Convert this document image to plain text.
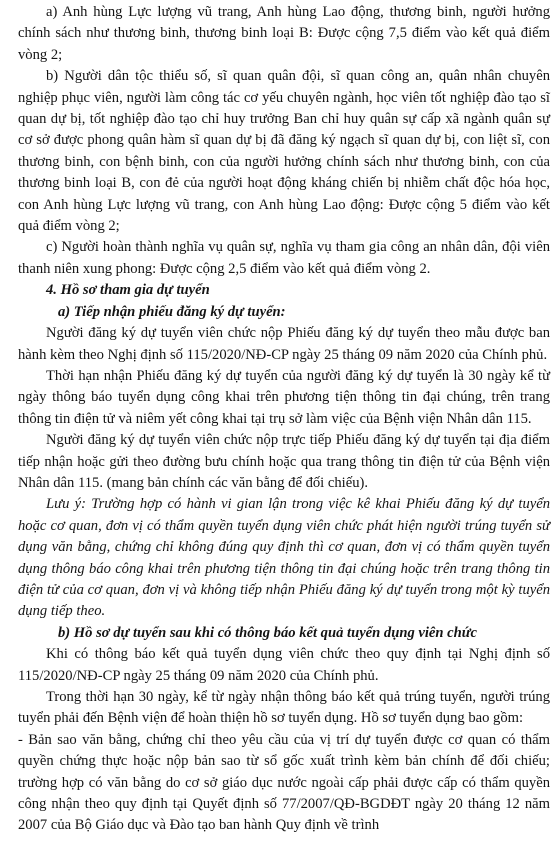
a) Anh hùng Lực lượng vũ trang, Anh hùng Lao động, thương binh, người hưởng chính sách như thương binh, thương binh loại B: Được cộng 7,5 điểm vào kết quả điểm vòng 2;

b) Người dân tộc thiểu số, sĩ quan quân đội, sĩ quan công an, quân nhân chuyên nghiệp phục viên, người làm công tác cơ yếu chuyên ngành, học viên tốt nghiệp đào tạo sĩ quan dự bị, tốt nghiệp đào tạo chỉ huy trưởng Ban chỉ huy quân sự cấp xã ngành quân sự cơ sở được phong quân hàm sĩ quan dự bị đã đăng ký ngạch sĩ quan dự bị, con liệt sĩ, con thương binh, con bệnh binh, con của người hưởng chính sách như thương binh, con của thương binh loại B, con đẻ của người hoạt động kháng chiến bị nhiễm chất độc hóa học, con Anh hùng Lực lượng vũ trang, con Anh hùng Lao động: Được cộng 5 điểm vào kết quả điểm vòng 2;

c) Người hoàn thành nghĩa vụ quân sự, nghĩa vụ tham gia công an nhân dân, đội viên thanh niên xung phong: Được cộng 2,5 điểm vào kết quả điểm vòng 2.

4. Hồ sơ tham gia dự tuyển

a) Tiếp nhận phiếu đăng ký dự tuyển:

Người đăng ký dự tuyển viên chức nộp Phiếu đăng ký dự tuyển theo mẫu được ban hành kèm theo Nghị định số 115/2020/NĐ-CP ngày 25 tháng 09 năm 2020 của Chính phủ.

Thời hạn nhận Phiếu đăng ký dự tuyển của người đăng ký dự tuyển là 30 ngày kể từ ngày thông báo tuyển dụng công khai trên phương tiện thông tin đại chúng, trên trang thông tin điện tử và niêm yết công khai tại trụ sở làm việc của Bệnh viện Nhân dân 115.

Người đăng ký dự tuyển viên chức nộp trực tiếp Phiếu đăng ký dự tuyển tại địa điểm tiếp nhận hoặc gửi theo đường bưu chính hoặc qua trang thông tin điện tử của Bệnh viện Nhân dân 115. (mang bản chính các văn bằng để đối chiếu).

Lưu ý: Trường hợp có hành vi gian lận trong việc kê khai Phiếu đăng ký dự tuyển hoặc cơ quan, đơn vị có thẩm quyền tuyển dụng viên chức phát hiện người trúng tuyển sử dụng văn bằng, chứng chỉ không đúng quy định thì cơ quan, đơn vị có thẩm quyền tuyển dụng thông báo công khai trên phương tiện thông tin đại chúng hoặc trên trang thông tin điện tử của cơ quan, đơn vị và không tiếp nhận Phiếu đăng ký dự tuyển trong một kỳ tuyển dụng tiếp theo.

b) Hồ sơ dự tuyển sau khi có thông báo kết quả tuyển dụng viên chức

Khi có thông báo kết quả tuyển dụng viên chức theo quy định tại Nghị định số 115/2020/NĐ-CP ngày 25 tháng 09 năm 2020 của Chính phủ.

Trong thời hạn 30 ngày, kể từ ngày nhận thông báo kết quả trúng tuyển, người trúng tuyển phải đến Bệnh viện để hoàn thiện hồ sơ tuyển dụng. Hồ sơ tuyển dụng bao gồm:

- Bản sao văn bằng, chứng chỉ theo yêu cầu của vị trí dự tuyển được cơ quan có thẩm quyền chứng thực hoặc nộp bản sao từ sổ gốc xuất trình kèm bản chính để đối chiếu; trường hợp có văn bằng do cơ sở giáo dục nước ngoài cấp phải được cấp có thẩm quyền công nhận theo quy định tại Quyết định số 77/2007/QĐ-BGDĐT ngày 20 tháng 12 năm 2007 của Bộ Giáo dục và Đào tạo ban hành Quy định về trình
